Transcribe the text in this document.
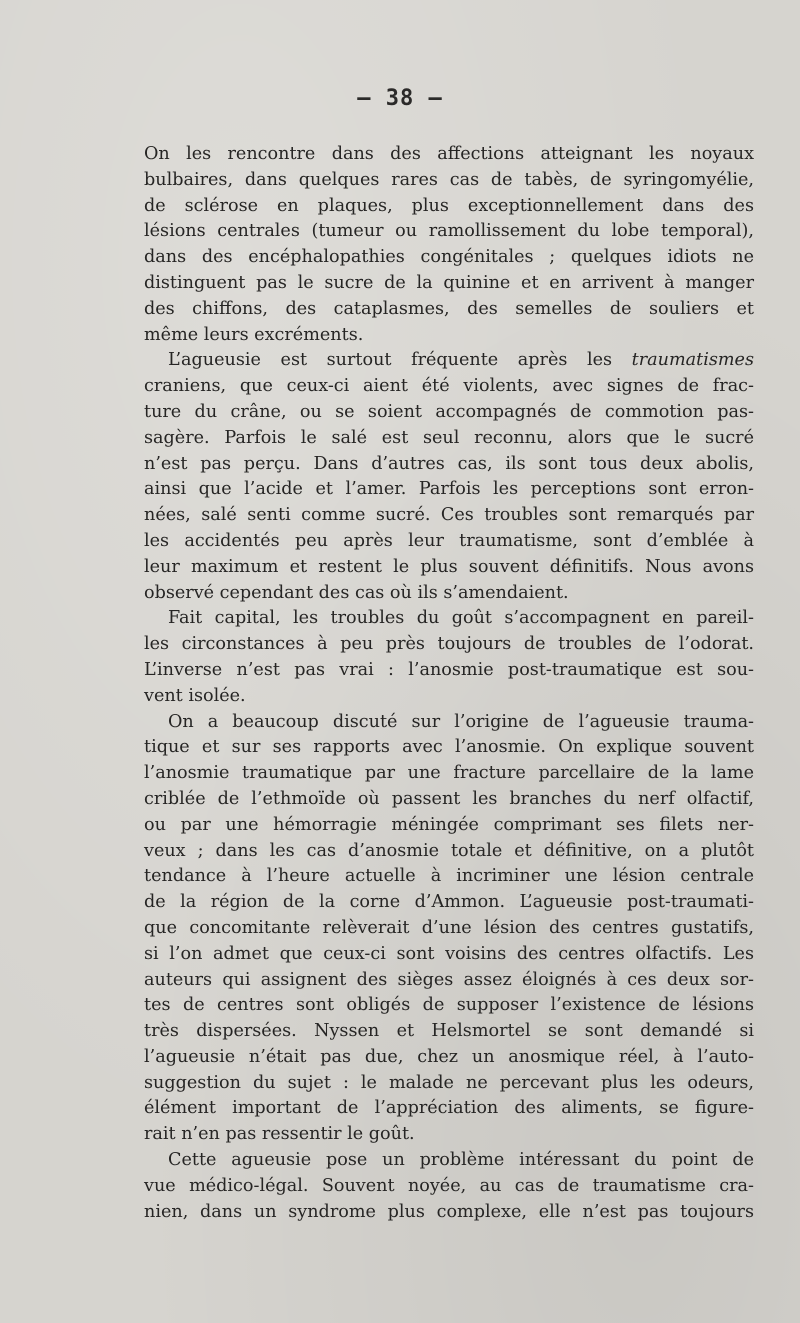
— 38 —
On les rencontre dans des affections atteignant les noyaux
bulbaires, dans quelques rares cas de tabès, de syringomyélie,
de sclérose en plaques, plus exceptionnellement dans des
lésions centrales (tumeur ou ramollissement du lobe temporal),
dans des encéphalopathies congénitales ; quelques idiots ne
distinguent pas le sucre de la quinine et en arrivent à manger
des chiffons, des cataplasmes, des semelles de souliers et
même leurs excréments.
L’agueusie est surtout fréquente après les traumatismes
craniens, que ceux-ci aient été violents, avec signes de frac-
ture du crâne, ou se soient accompagnés de commotion pas-
sagère. Parfois le salé est seul reconnu, alors que le sucré
n’est pas perçu. Dans d’autres cas, ils sont tous deux abolis,
ainsi que l’acide et l’amer. Parfois les perceptions sont erron-
nées, salé senti comme sucré. Ces troubles sont remarqués par
les accidentés peu après leur traumatisme, sont d’emblée à
leur maximum et restent le plus souvent définitifs. Nous avons
observé cependant des cas où ils s’amendaient.
Fait capital, les troubles du goût s’accompagnent en pareil-
les circonstances à peu près toujours de troubles de l’odorat.
L’inverse n’est pas vrai : l’anosmie post-traumatique est sou-
vent isolée.
On a beaucoup discuté sur l’origine de l’agueusie trauma-
tique et sur ses rapports avec l’anosmie. On explique souvent
l’anosmie traumatique par une fracture parcellaire de la lame
criblée de l’ethmoïde où passent les branches du nerf olfactif,
ou par une hémorragie méningée comprimant ses filets ner-
veux ; dans les cas d’anosmie totale et définitive, on a plutôt
tendance à l’heure actuelle à incriminer une lésion centrale
de la région de la corne d’Ammon. L’agueusie post-traumati-
que concomitante relèverait d’une lésion des centres gustatifs,
si l’on admet que ceux-ci sont voisins des centres olfactifs. Les
auteurs qui assignent des sièges assez éloignés à ces deux sor-
tes de centres sont obligés de supposer l’existence de lésions
très dispersées. Nyssen et Helsmortel se sont demandé si
l’agueusie n’était pas due, chez un anosmique réel, à l’auto-
suggestion du sujet : le malade ne percevant plus les odeurs,
élément important de l’appréciation des aliments, se figure-
rait n’en pas ressentir le goût.
Cette agueusie pose un problème intéressant du point de
vue médico-légal. Souvent noyée, au cas de traumatisme cra-
nien, dans un syndrome plus complexe, elle n’est pas toujours
